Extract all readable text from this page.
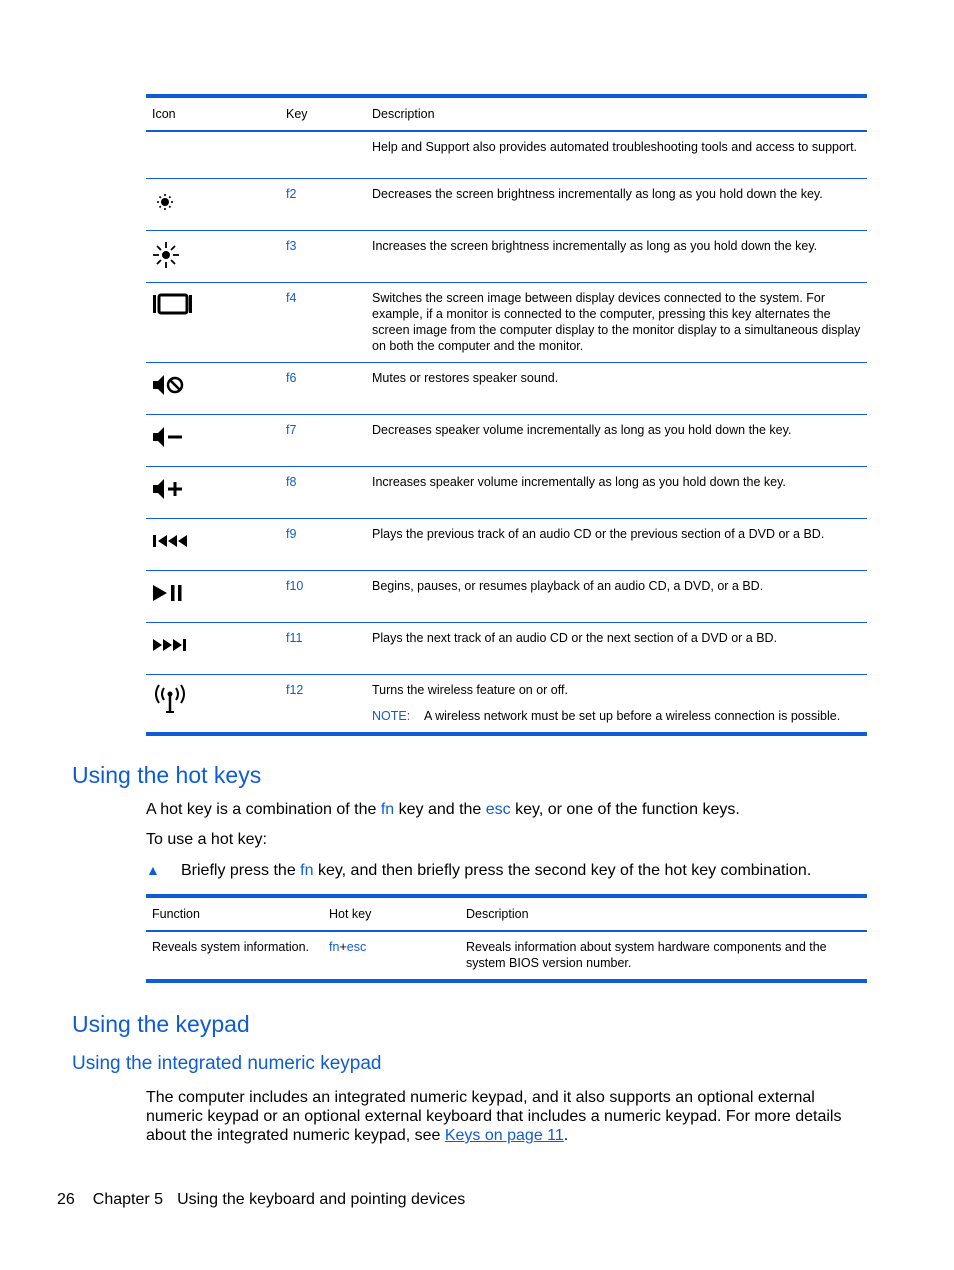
Icon	Key	Description
		Help and Support also provides automated troubleshooting tools and access to support.

	f2	Decreases the screen brightness incrementally as long as you hold down the key.

	f3	Increases the screen brightness incrementally as long as you hold down the key.

	f4	Switches the screen image between display devices connected to the system. For example, if a monitor is connected to the computer, pressing this key alternates the screen image from the computer display to the monitor display to a simultaneous display on both the computer and the monitor.

	f6	Mutes or restores speaker sound.

	f7	Decreases speaker volume incrementally as long as you hold down the key.

	f8	Increases speaker volume incrementally as long as you hold down the key.

	f9	Plays the previous track of an audio CD or the previous section of a DVD or a BD.

	f10	Begins, pauses, or resumes playback of an audio CD, a DVD, or a BD.

	f11	Plays the next track of an audio CD or the next section of a DVD or a BD.

	f12	Turns the wireless feature on or off.
NOTE: A wireless network must be set up before a wireless connection is possible.
Using the hot keys

A hot key is a combination of the fn key and the esc key, or one of the function keys.

To use a hot key:

▲ Briefly press the fn key, and then briefly press the second key of the hot key combination.
Function	Hot key	Description
Reveals system information.	fn+esc	Reveals information about system hardware components and the system BIOS version number.
Using the keypad
Using the integrated numeric keypad

The computer includes an integrated numeric keypad, and it also supports an optional external numeric keypad or an optional external keyboard that includes a numeric keypad. For more details about the integrated numeric keypad, see Keys on page 11.

26 Chapter 5 Using the keyboard and pointing devices
